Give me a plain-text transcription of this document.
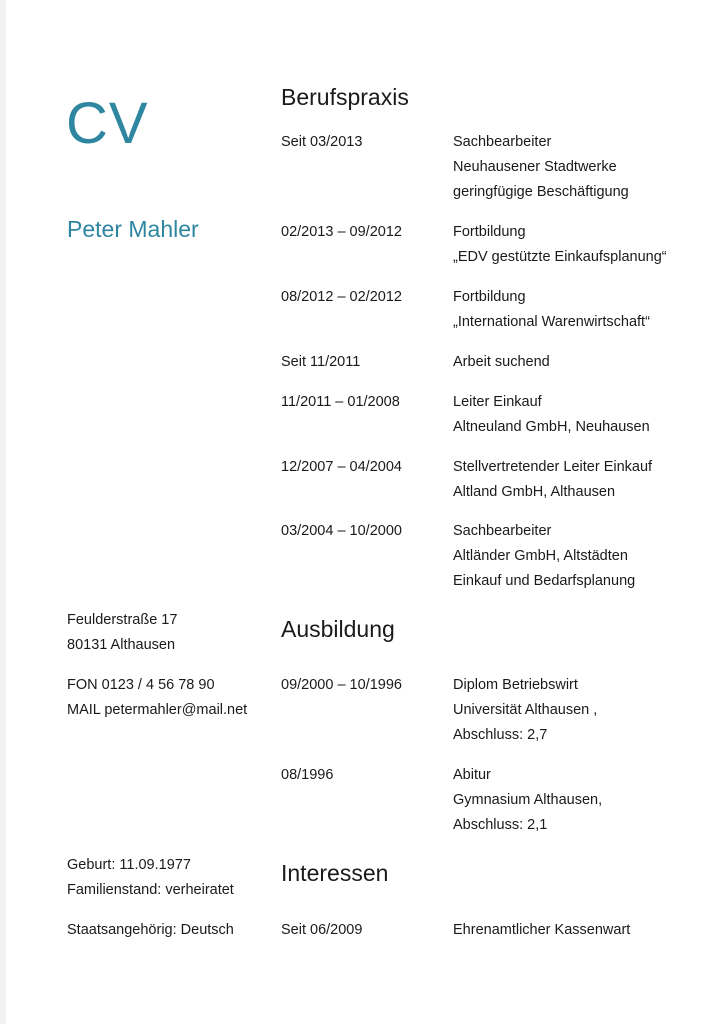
CV
Peter Mahler
Feulderstraße 17
80131 Althausen
FON 0123 / 4 56 78 90
MAIL petermahler@mail.net
Geburt: 11.09.1977
Familienstand: verheiratet
Staatsangehörig: Deutsch
Berufspraxis
Seit 03/2013	Sachbearbeiter
Neuhausener Stadtwerke
geringfügige Beschäftigung
02/2013 – 09/2012	Fortbildung
„EDV gestützte Einkaufsplanung“
08/2012 – 02/2012	Fortbildung
„International Warenwirtschaft“
Seit 11/2011	Arbeit suchend
11/2011 – 01/2008	Leiter Einkauf
Altneuland GmbH, Neuhausen
12/2007 – 04/2004	Stellvertretender Leiter Einkauf
Altland GmbH, Althausen
03/2004 – 10/2000	Sachbearbeiter
Altländer GmbH, Altstädten
Einkauf und Bedarfsplanung
Ausbildung
09/2000 – 10/1996	Diplom Betriebswirt
Universität Althausen ,
Abschluss: 2,7
08/1996	Abitur
Gymnasium Althausen,
Abschluss: 2,1
Interessen
Seit 06/2009	Ehrenamtlicher Kassenwart
